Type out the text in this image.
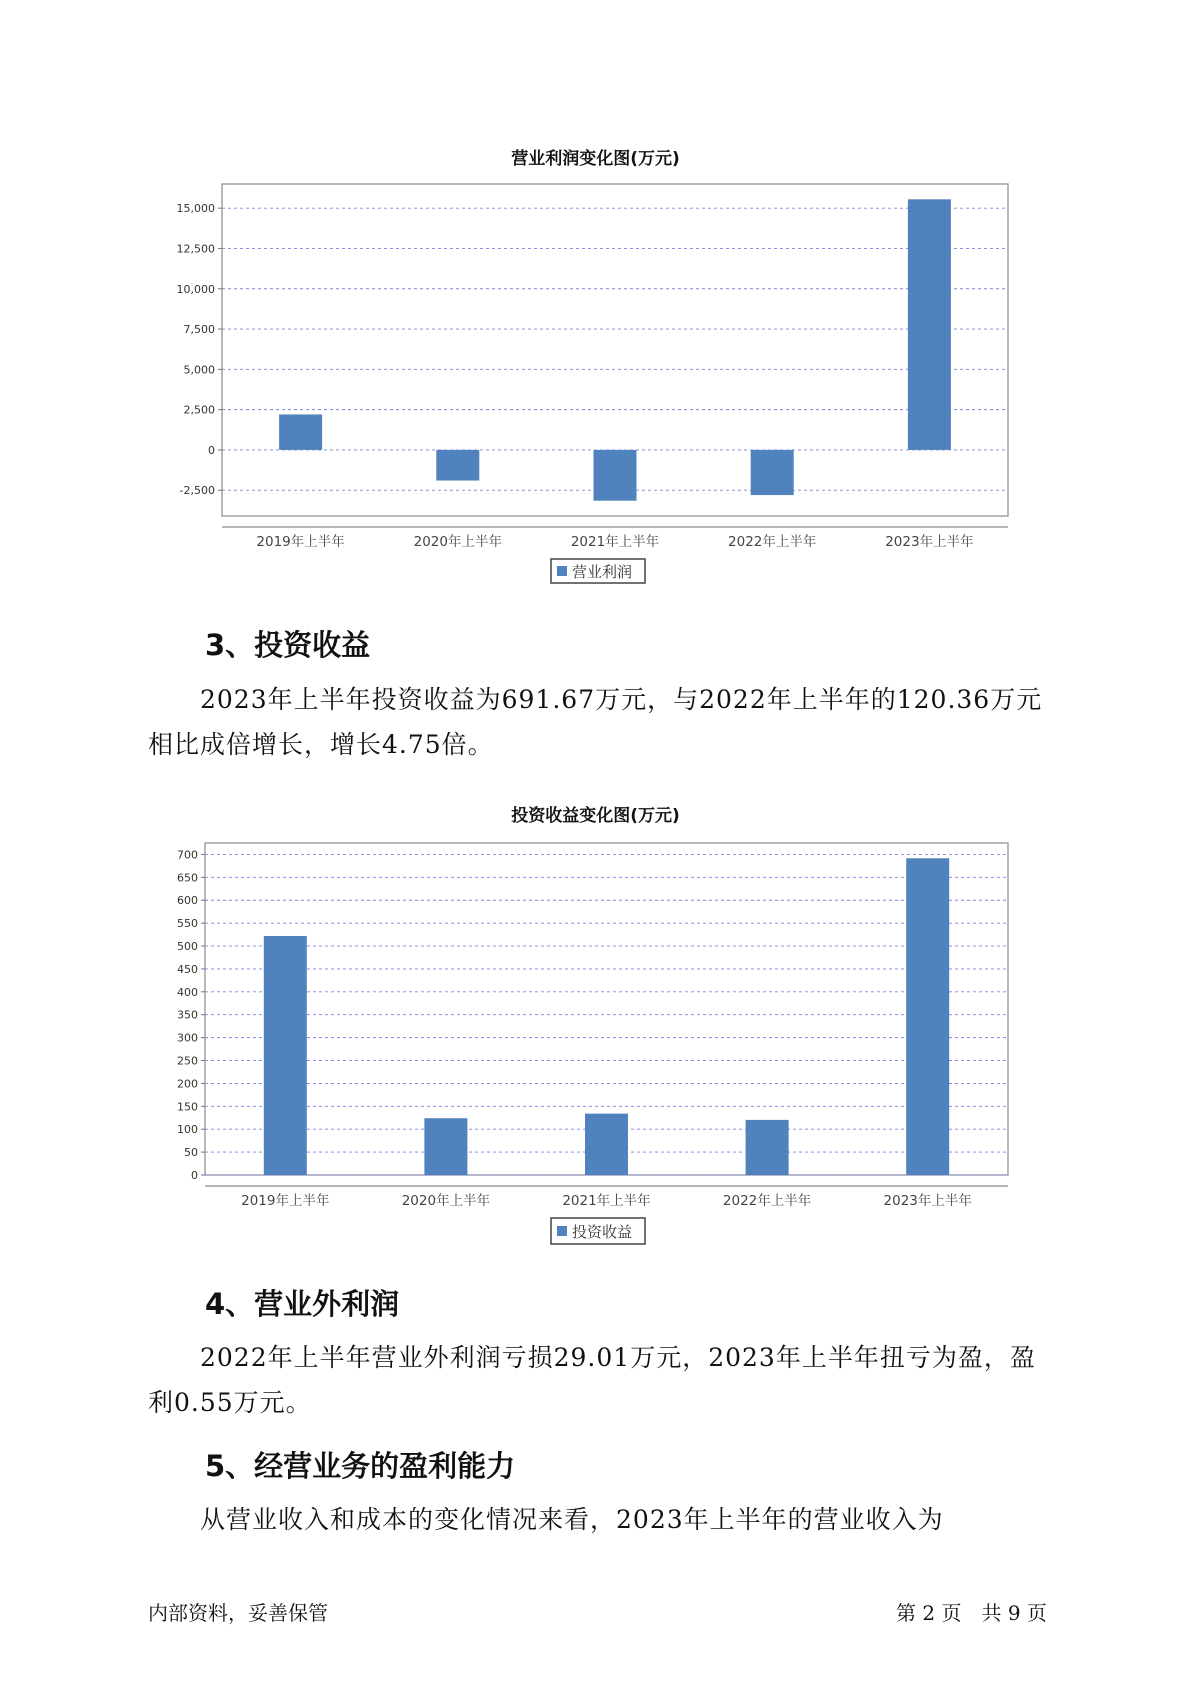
营业利润变化图(万元)
-2,500
0
2,500
5,000
7,500
10,000
12,500
15,000
2019年上半年	2020年上半年	2021年上半年	2022年上半年	2023年上半年
营业利润
3、投资收益

2023年上半年投资收益为691.67万元，与2022年上半年的120.36万元相比成倍增长，增长4.75倍。

投资收益变化图(万元)
0
50
100
150
200
250
300
350
400
450
500
550
600
650
700
2019年上半年	2020年上半年	2021年上半年	2022年上半年	2023年上半年
投资收益
4、营业外利润

2022年上半年营业外利润亏损29.01万元，2023年上半年扭亏为盈，盈利0.55万元。

5、经营业务的盈利能力

从营业收入和成本的变化情况来看，2023年上半年的营业收入为

内部资料，妥善保管	第 2 页　共 9 页
